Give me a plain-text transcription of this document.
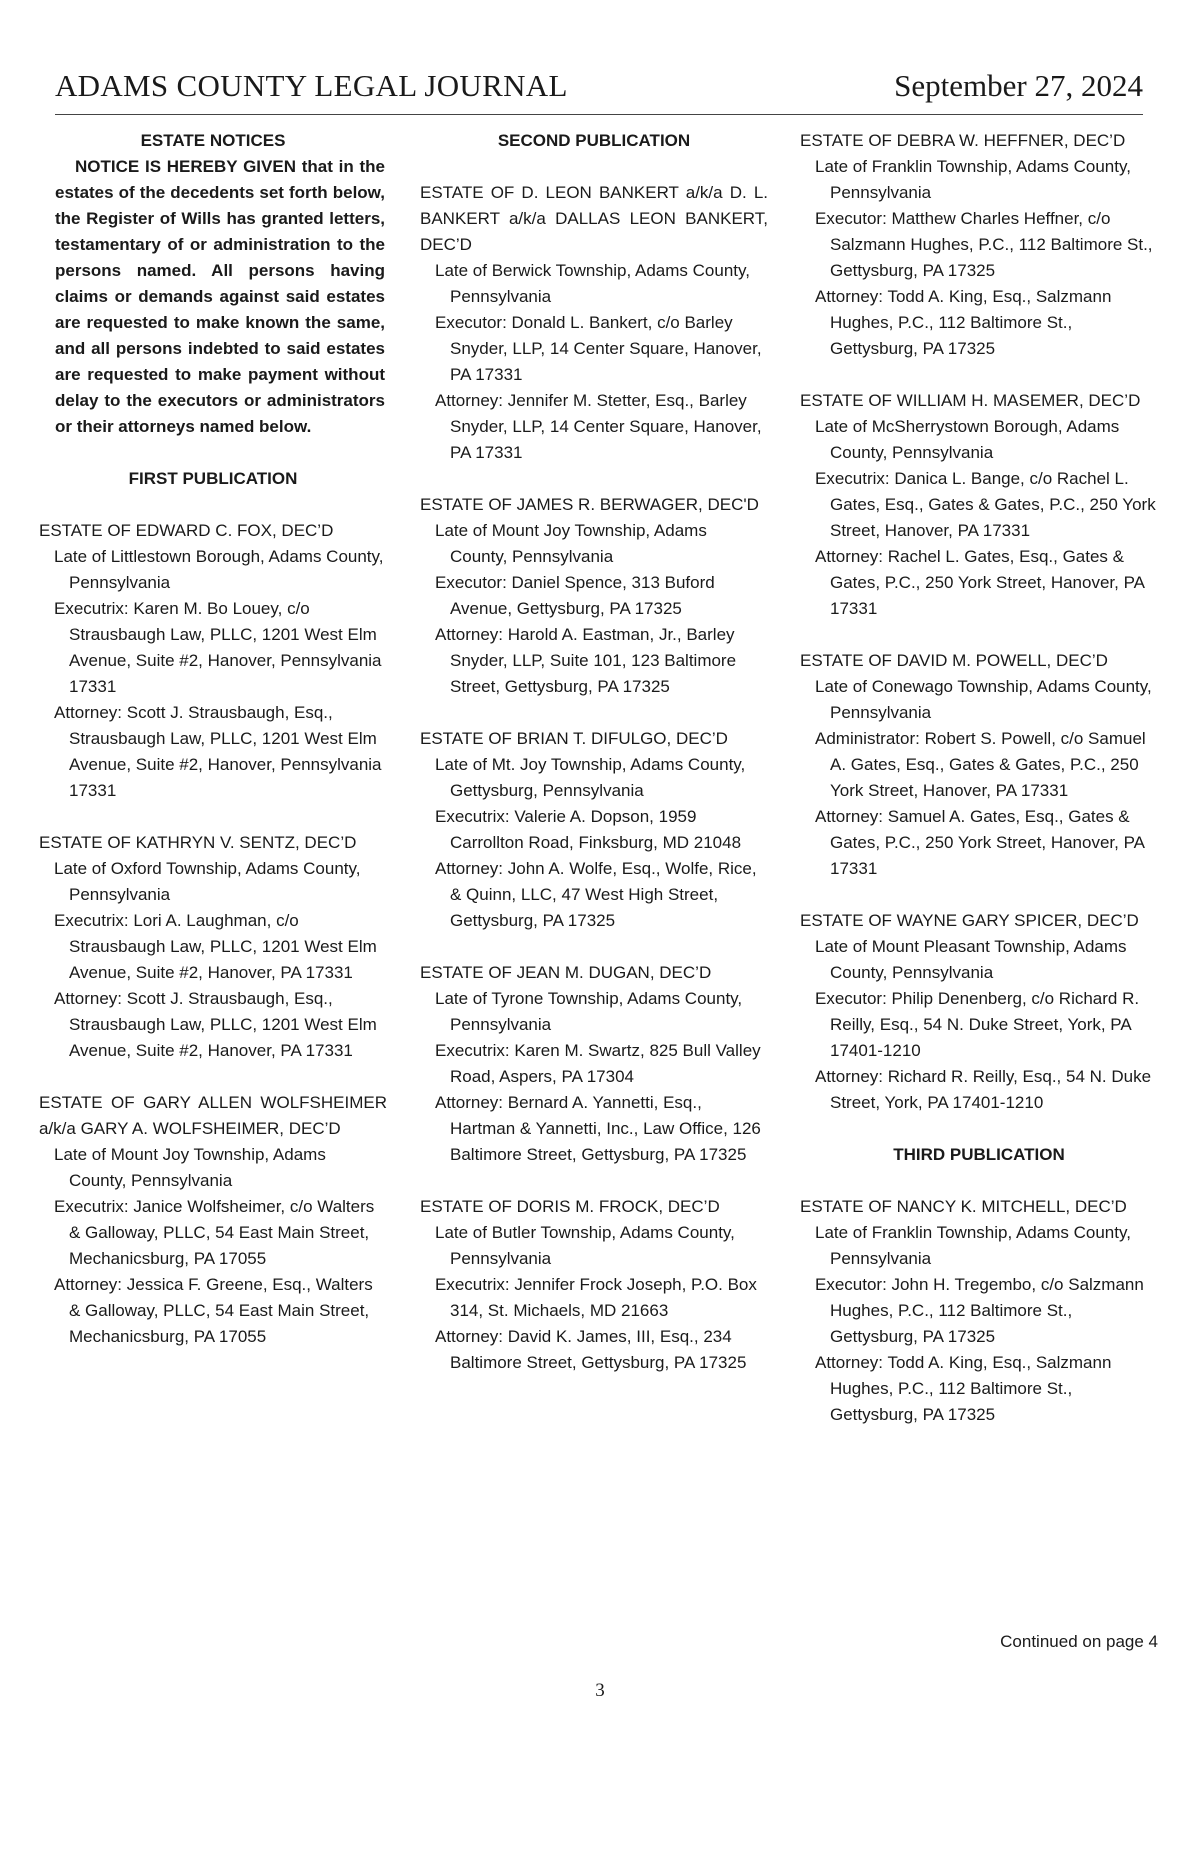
ADAMS COUNTY LEGAL JOURNAL	September 27, 2024
ESTATE NOTICES

NOTICE IS HEREBY GIVEN that in the estates of the decedents set forth below, the Register of Wills has granted letters, testamentary of or administration to the persons named. All persons having claims or demands against said estates are requested to make known the same, and all persons indebted to said estates are requested to make payment without delay to the executors or administrators or their attorneys named below.

FIRST PUBLICATION
ESTATE OF EDWARD C. FOX, DEC’D
Late of Littlestown Borough, Adams County, Pennsylvania
Executrix: Karen M. Bo Louey, c/o Strausbaugh Law, PLLC, 1201 West Elm Avenue, Suite #2, Hanover, Pennsylvania 17331
Attorney: Scott J. Strausbaugh, Esq., Strausbaugh Law, PLLC, 1201 West Elm Avenue, Suite #2, Hanover, Pennsylvania 17331
ESTATE OF KATHRYN V. SENTZ, DEC’D
Late of Oxford Township, Adams County, Pennsylvania
Executrix: Lori A. Laughman, c/o Strausbaugh Law, PLLC, 1201 West Elm Avenue, Suite #2, Hanover, PA 17331
Attorney: Scott J. Strausbaugh, Esq., Strausbaugh Law, PLLC, 1201 West Elm Avenue, Suite #2, Hanover, PA 17331
ESTATE OF GARY ALLEN WOLFSHEIMER a/k/a GARY A. WOLFSHEIMER, DEC’D
Late of Mount Joy Township, Adams County, Pennsylvania
Executrix: Janice Wolfsheimer, c/o Walters & Galloway, PLLC, 54 East Main Street, Mechanicsburg, PA 17055
Attorney: Jessica F. Greene, Esq., Walters & Galloway, PLLC, 54 East Main Street, Mechanicsburg, PA 17055
SECOND PUBLICATION
ESTATE OF D. LEON BANKERT a/k/a D. L. BANKERT a/k/a DALLAS LEON BANKERT, DEC’D
Late of Berwick Township, Adams County, Pennsylvania
Executor: Donald L. Bankert, c/o Barley Snyder, LLP, 14 Center Square, Hanover, PA 17331
Attorney: Jennifer M. Stetter, Esq., Barley Snyder, LLP, 14 Center Square, Hanover, PA 17331
ESTATE OF JAMES R. BERWAGER, DEC'D
Late of Mount Joy Township, Adams County, Pennsylvania
Executor: Daniel Spence, 313 Buford Avenue, Gettysburg, PA 17325
Attorney: Harold A. Eastman, Jr., Barley Snyder, LLP, Suite 101, 123 Baltimore Street, Gettysburg, PA 17325
ESTATE OF BRIAN T. DIFULGO, DEC’D
Late of Mt. Joy Township, Adams County, Gettysburg, Pennsylvania
Executrix: Valerie A. Dopson, 1959 Carrollton Road, Finksburg, MD 21048
Attorney: John A. Wolfe, Esq., Wolfe, Rice, & Quinn, LLC, 47 West High Street, Gettysburg, PA 17325
ESTATE OF JEAN M. DUGAN, DEC’D
Late of Tyrone Township, Adams County, Pennsylvania
Executrix: Karen M. Swartz, 825 Bull Valley Road, Aspers, PA 17304
Attorney: Bernard A. Yannetti, Esq., Hartman & Yannetti, Inc., Law Office, 126 Baltimore Street, Gettysburg, PA 17325
ESTATE OF DORIS M. FROCK, DEC’D
Late of Butler Township, Adams County, Pennsylvania
Executrix: Jennifer Frock Joseph, P.O. Box 314, St. Michaels, MD 21663
Attorney: David K. James, III, Esq., 234 Baltimore Street, Gettysburg, PA 17325
ESTATE OF DEBRA W. HEFFNER, DEC’D
Late of Franklin Township, Adams County, Pennsylvania
Executor: Matthew Charles Heffner, c/o Salzmann Hughes, P.C., 112 Baltimore St., Gettysburg, PA 17325
Attorney: Todd A. King, Esq., Salzmann Hughes, P.C., 112 Baltimore St., Gettysburg, PA 17325
ESTATE OF WILLIAM H. MASEMER, DEC’D
Late of McSherrystown Borough, Adams County, Pennsylvania
Executrix: Danica L. Bange, c/o Rachel L. Gates, Esq., Gates & Gates, P.C., 250 York Street, Hanover, PA 17331
Attorney: Rachel L. Gates, Esq., Gates & Gates, P.C., 250 York Street, Hanover, PA 17331
ESTATE OF DAVID M. POWELL, DEC’D
Late of Conewago Township, Adams County, Pennsylvania
Administrator: Robert S. Powell, c/o Samuel A. Gates, Esq., Gates & Gates, P.C., 250 York Street, Hanover, PA 17331
Attorney: Samuel A. Gates, Esq., Gates & Gates, P.C., 250 York Street, Hanover, PA 17331
ESTATE OF WAYNE GARY SPICER, DEC’D
Late of Mount Pleasant Township, Adams County, Pennsylvania
Executor: Philip Denenberg, c/o Richard R. Reilly, Esq., 54 N. Duke Street, York, PA 17401-1210
Attorney: Richard R. Reilly, Esq., 54 N. Duke Street, York, PA 17401-1210
THIRD PUBLICATION
ESTATE OF NANCY K. MITCHELL, DEC’D
Late of Franklin Township, Adams County, Pennsylvania
Executor: John H. Tregembo, c/o Salzmann Hughes, P.C., 112 Baltimore St., Gettysburg, PA 17325
Attorney: Todd A. King, Esq., Salzmann Hughes, P.C., 112 Baltimore St., Gettysburg, PA 17325
Continued on page 4
3
